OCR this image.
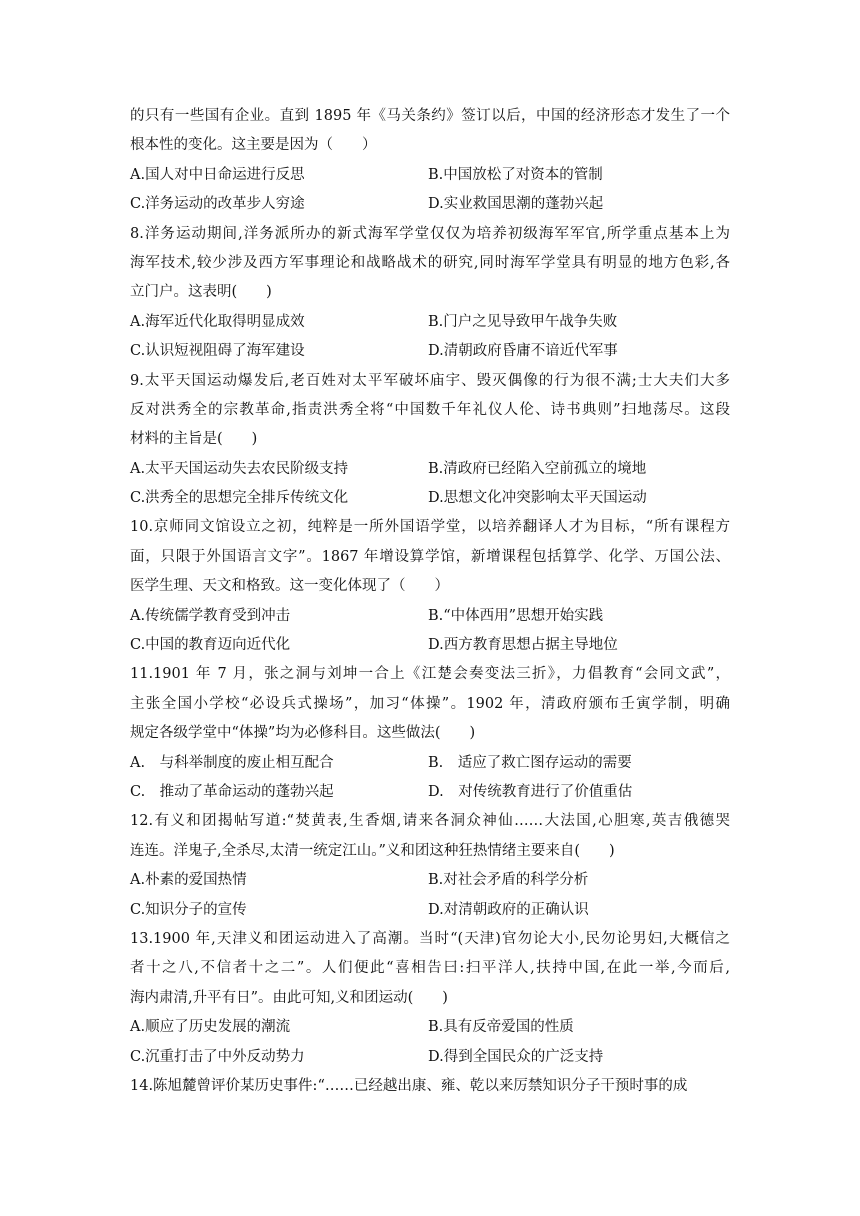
的只有一些国有企业。直到 1895 年《马关条约》签订以后，中国的经济形态才发生了一个
根本性的变化。这主要是因为（　　）
A.国人对中日命运进行反思	B.中国放松了对资本的管制
C.洋务运动的改革步人穷途	D.实业救国思潮的蓬勃兴起
8.洋务运动期间,洋务派所办的新式海军学堂仅仅为培养初级海军军官,所学重点基本上为
海军技术,较少涉及西方军事理论和战略战术的研究,同时海军学堂具有明显的地方色彩,各
立门户。这表明(　　)
A.海军近代化取得明显成效	B.门户之见导致甲午战争失败
C.认识短视阻碍了海军建设	D.清朝政府昏庸不谙近代军事
9.太平天国运动爆发后,老百姓对太平军破坏庙宇、毁灭偶像的行为很不满;士大夫们大多
反对洪秀全的宗教革命,指责洪秀全将“中国数千年礼仪人伦、诗书典则”扫地荡尽。这段
材料的主旨是(　　)
A.太平天国运动失去农民阶级支持	B.清政府已经陷入空前孤立的境地
C.洪秀全的思想完全排斥传统文化	D.思想文化冲突影响太平天国运动
10.京师同文馆设立之初，纯粹是一所外国语学堂，以培养翻译人才为目标，“所有课程方
面，只限于外国语言文字”。1867 年增设算学馆，新增课程包括算学、化学、万国公法、
医学生理、天文和格致。这一变化体现了（　　）
A.传统儒学教育受到冲击	B.“中体西用”思想开始实践
C.中国的教育迈向近代化	D.西方教育思想占据主导地位
11.1901 年 7 月，张之洞与刘坤一合上《江楚会奏变法三折》，力倡教育“会同文武”，
主张全国小学校“必设兵式操场”，加习“体操”。1902 年，清政府颁布壬寅学制，明确
规定各级学堂中“体操”均为必修科目。这些做法(　　)
A.　与科举制度的废止相互配合	B.　适应了救亡图存运动的需要
C.　推动了革命运动的蓬勃兴起	D.　对传统教育进行了价值重估
12.有义和团揭帖写道:“焚黄表,生香烟,请来各洞众神仙……大法国,心胆寒,英吉俄德哭
连连。洋鬼子,全杀尽,太清一统定江山。”义和团这种狂热情绪主要来自(　　)
A.朴素的爱国热情	B.对社会矛盾的科学分析
C.知识分子的宣传	D.对清朝政府的正确认识
13.1900 年,天津义和团运动进入了高潮。当时“(天津)官勿论大小,民勿论男妇,大概信之
者十之八,不信者十之二”。人们便此“喜相告曰:扫平洋人,扶持中国,在此一举,今而后,
海内肃清,升平有日”。由此可知,义和团运动(　　)
A.顺应了历史发展的潮流	B.具有反帝爱国的性质
C.沉重打击了中外反动势力	D.得到全国民众的广泛支持
14.陈旭麓曾评价某历史事件:“……已经越出康、雍、乾以来厉禁知识分子干预时事的成
